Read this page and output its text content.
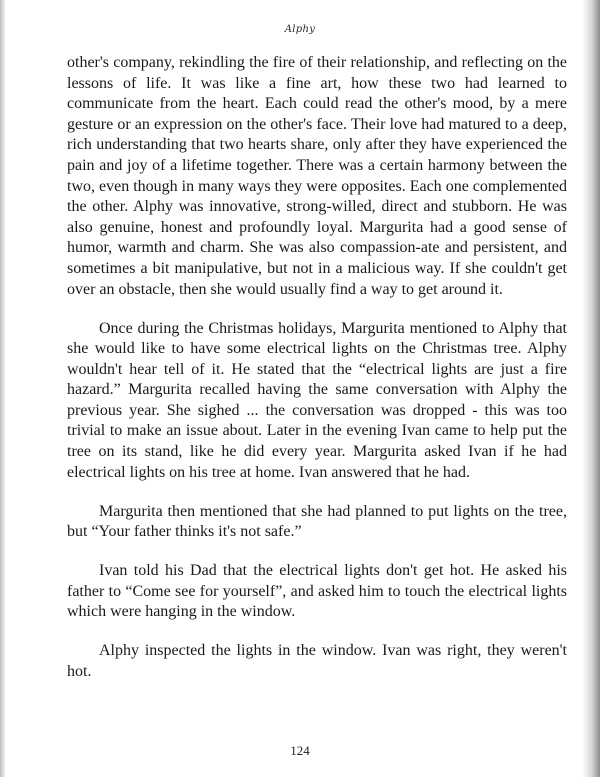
Alphy

other's company, rekindling the fire of their relationship, and reflecting on the lessons of life. It was like a fine art, how these two had learned to communicate from the heart. Each could read the other's mood, by a mere gesture or an expression on the other's face. Their love had matured to a deep, rich understanding that two hearts share, only after they have experienced the pain and joy of a lifetime together. There was a certain harmony between the two, even though in many ways they were opposites. Each one complemented the other. Alphy was innovative, strong-willed, direct and stubborn. He was also genuine, honest and profoundly loyal. Margurita had a good sense of humor, warmth and charm. She was also compassion-ate and persistent, and sometimes a bit manipulative, but not in a malicious way. If she couldn't get over an obstacle, then she would usually find a way to get around it.

Once during the Christmas holidays, Margurita mentioned to Alphy that she would like to have some electrical lights on the Christmas tree. Alphy wouldn't hear tell of it. He stated that the “electrical lights are just a fire hazard.” Margurita recalled having the same conversation with Alphy the previous year. She sighed ... the conversation was dropped - this was too trivial to make an issue about. Later in the evening Ivan came to help put the tree on its stand, like he did every year. Margurita asked Ivan if he had electrical lights on his tree at home. Ivan answered that he had.

Margurita then mentioned that she had planned to put lights on the tree, but “Your father thinks it's not safe.”

Ivan told his Dad that the electrical lights don't get hot. He asked his father to “Come see for yourself”, and asked him to touch the electrical lights which were hanging in the window.

Alphy inspected the lights in the window. Ivan was right, they weren't hot.

124
